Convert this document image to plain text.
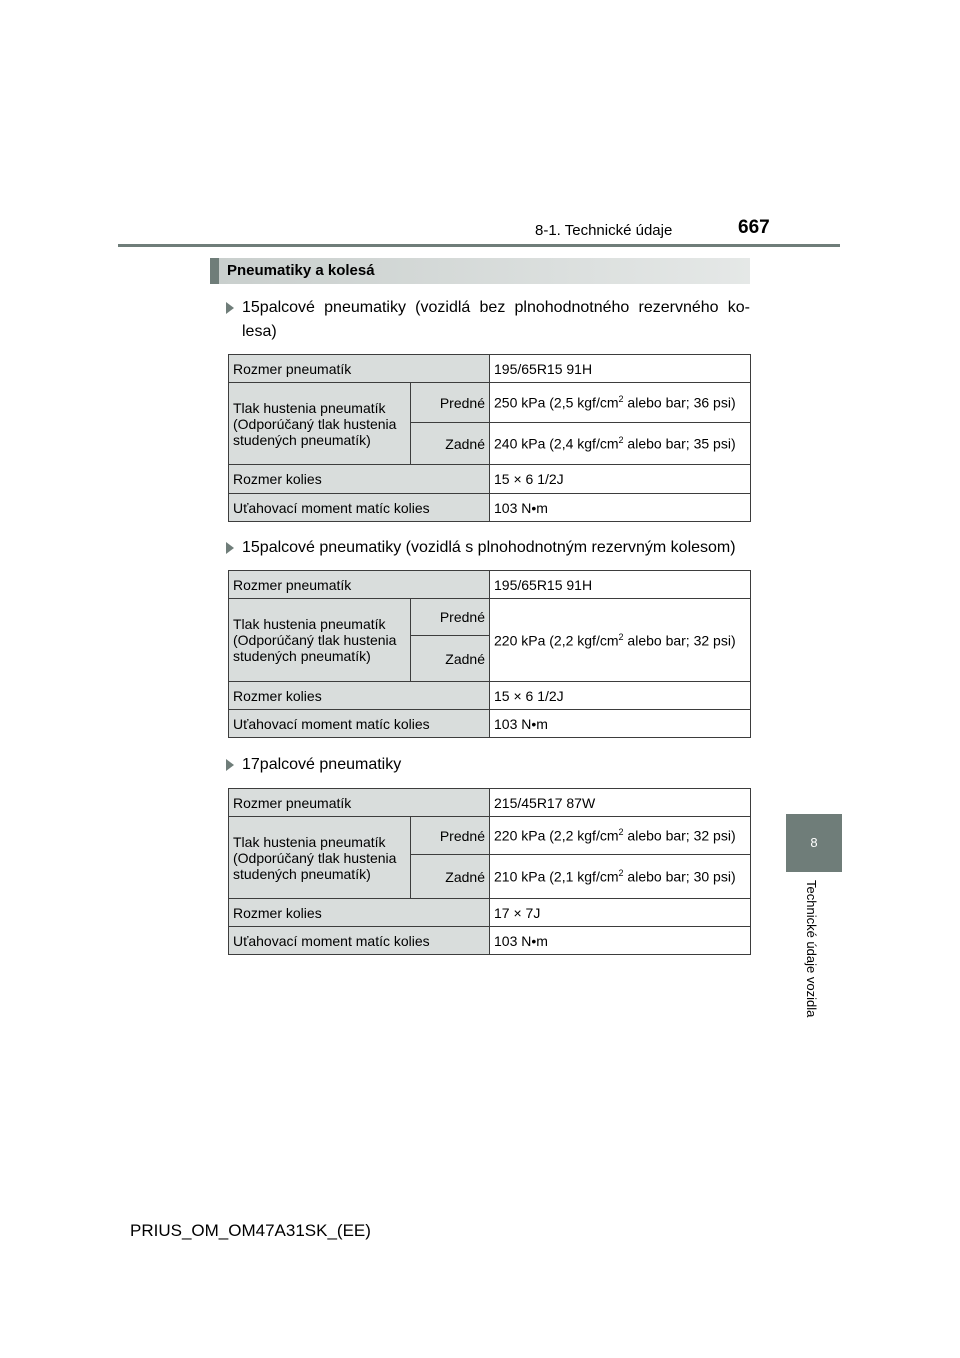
8-1. Technické údaje	667
Pneumatiky a kolesá
15palcové pneumatiky (vozidlá bez plnohodnotného rezervného ko-lesa)
Rozmer pneumatík		195/65R15 91H
Tlak hustenia pneumatík (Odporúčaný tlak hustenia studených pneumatík)	Predné	250 kPa (2,5 kgf/$cm^2$ alebo bar; 36 psi)
	Zadné	240 kPa (2,4 kgf/$cm^2$ alebo bar; 35 psi)
Rozmer kolies		15 × 6 1/2J
Uťahovací moment matíc kolies		103 N•m
15palcové pneumatiky (vozidlá s plnohodnotným rezervným kolesom)
Rozmer pneumatík		195/65R15 91H
Tlak hustenia pneumatík (Odporúčaný tlak hustenia studených pneumatík)	Predné	220 kPa (2,2 kgf/$cm^2$ alebo bar; 32 psi)
	Zadné	
Rozmer kolies		15 × 6 1/2J
Uťahovací moment matíc kolies		103 N•m
17palcové pneumatiky
Rozmer pneumatík		215/45R17 87W
Tlak hustenia pneumatík (Odporúčaný tlak hustenia studených pneumatík)	Predné	220 kPa (2,2 kgf/$cm^2$ alebo bar; 32 psi)
	Zadné	210 kPa (2,1 kgf/$cm^2$ alebo bar; 30 psi)
Rozmer kolies		17 × 7J
Uťahovací moment matíc kolies		103 N•m
8
Technické údaje vozidla
PRIUS_OM_OM47A31SK_(EE)
